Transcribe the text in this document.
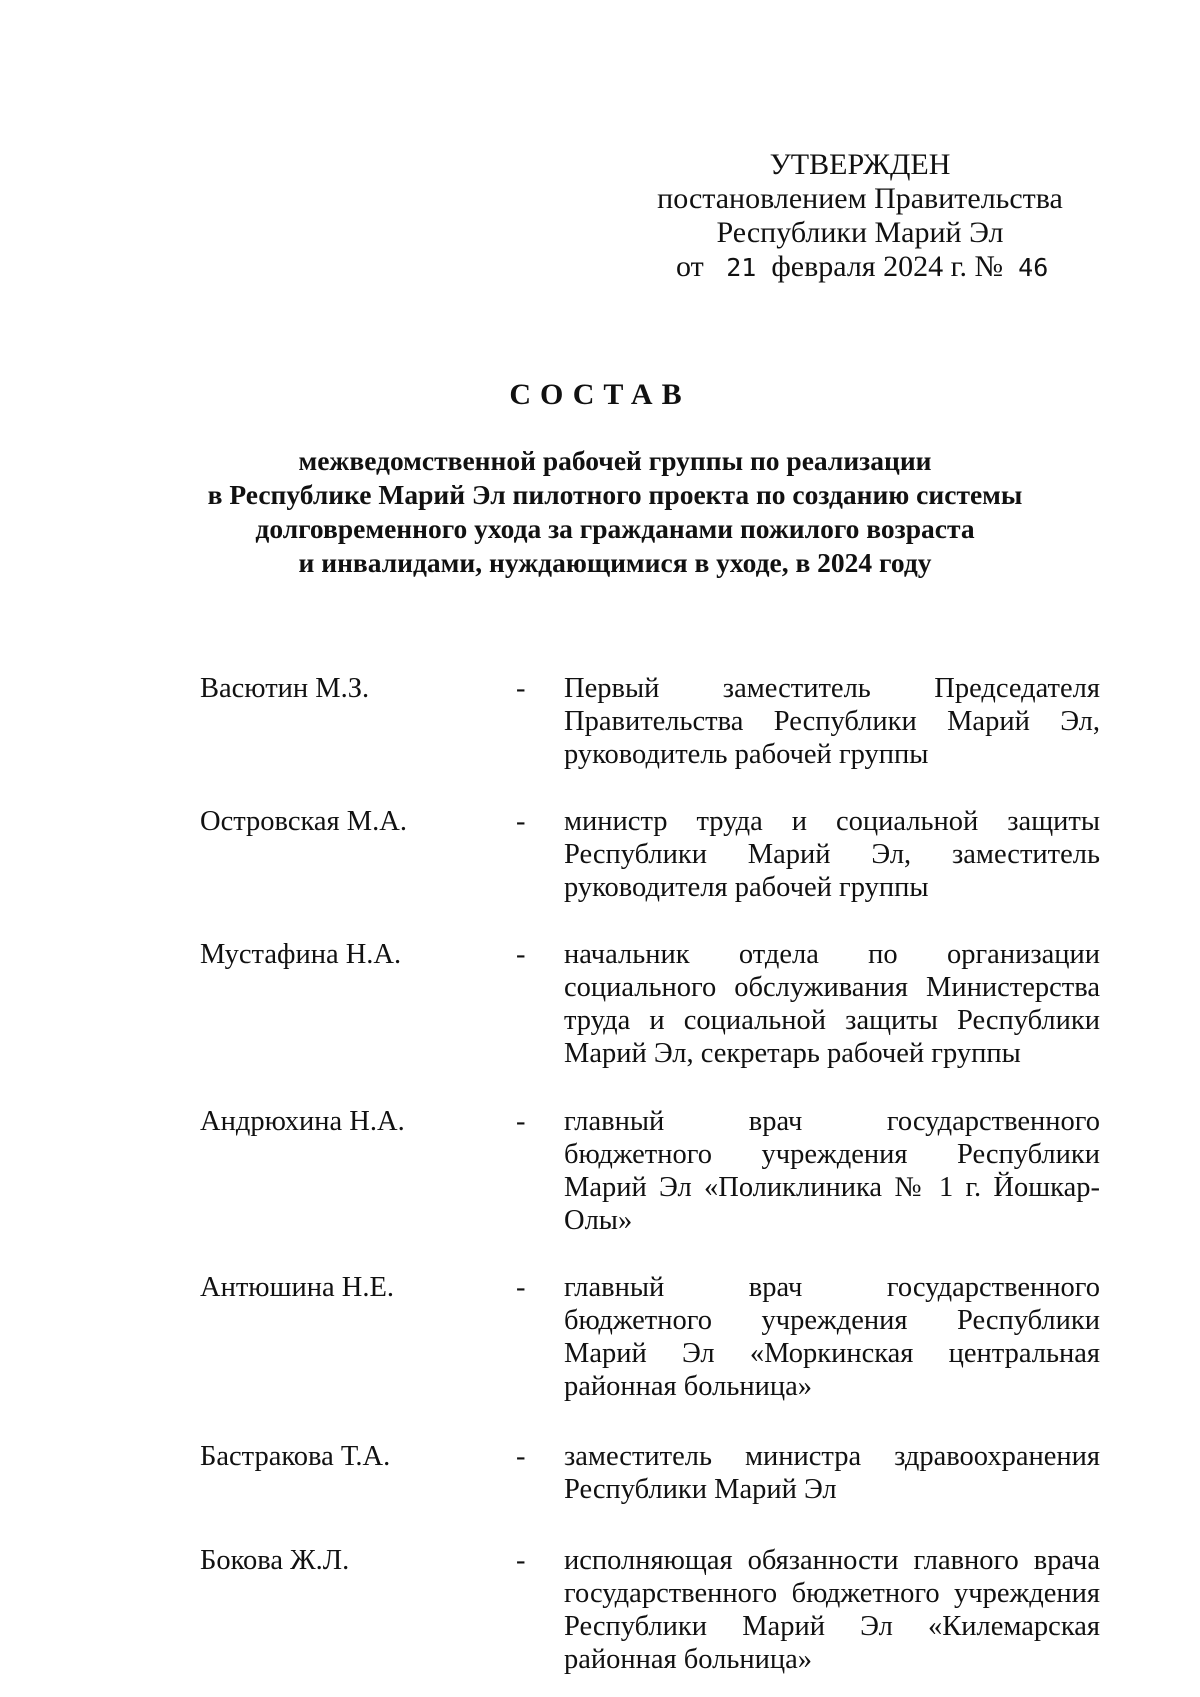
УТВЕРЖДЕН
постановлением Правительства
Республики Марий Эл
от 21 февраля 2024 г. № 46
СОСТАВ
межведомственной рабочей группы по реализации
в Республике Марий Эл пилотного проекта по созданию системы
долговременного ухода за гражданами пожилого возраста
и инвалидами, нуждающимися в уходе, в 2024 году
Васютин М.З.	-	Первый заместитель Председателя Правительства Республики Марий Эл, руководитель рабочей группы
Островская М.А.	-	министр труда и социальной защиты Республики Марий Эл, заместитель руководителя рабочей группы
Мустафина Н.А.	-	начальник отдела по организации социального обслуживания Министерства труда и социальной защиты Республики Марий Эл, секретарь рабочей группы
Андрюхина Н.А.	-	главный врач государственного бюджетного учреждения Республики Марий Эл «Поликлиника № 1 г. Йошкар-Олы»
Антюшина Н.Е.	-	главный врач государственного бюджетного учреждения Республики Марий Эл «Моркинская центральная районная больница»
Бастракова Т.А.	-	заместитель министра здравоохранения Республики Марий Эл
Бокова Ж.Л.	-	исполняющая обязанности главного врача государственного бюджетного учреждения Республики Марий Эл «Килемарская районная больница»
